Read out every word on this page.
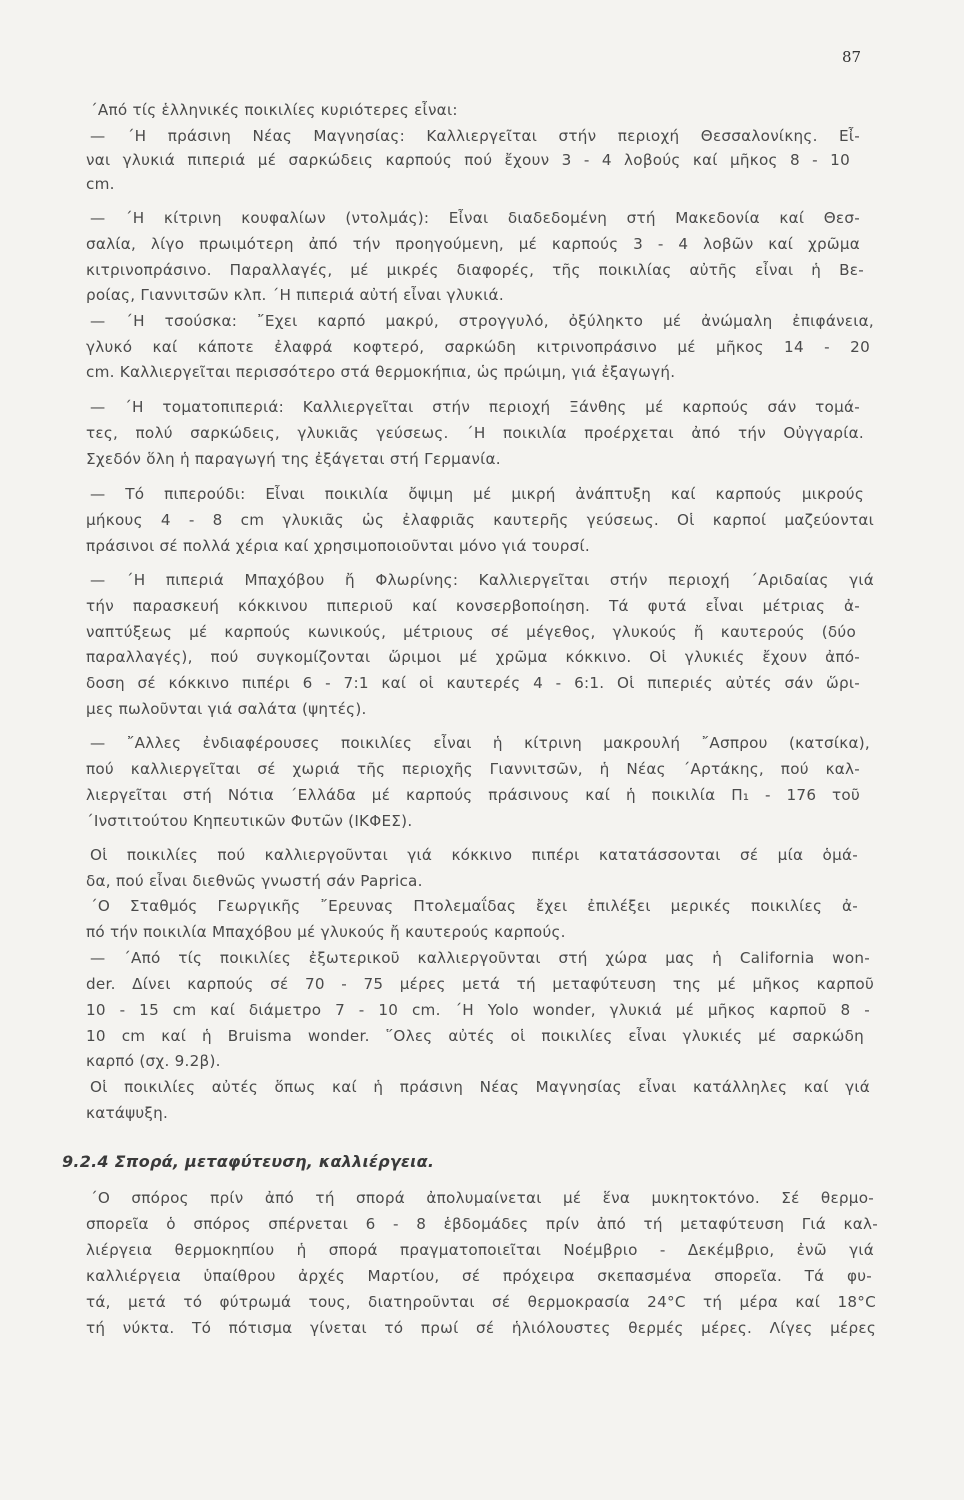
87
´Από τίς ἑλληνικές ποικιλίες κυριότερες εἶναι:
— ´Η πράσινη Νέας Μαγνησίας: Καλλιεργεῖται στήν περιοχή Θεσσαλονίκης. Εἶ-
ναι γλυκιά πιπεριά μέ σαρκώδεις καρπούς πού ἔχουν 3 - 4 λοβούς καί μῆκος 8 - 10
cm.
— ´Η κίτρινη κουφαλίων (ντολμάς): Εἶναι διαδεδομένη στή Μακεδονία καί Θεσ-
σαλία, λίγο πρωιμότερη ἀπό τήν προηγούμενη, μέ καρπούς 3 - 4 λοβῶν καί χρῶμα
κιτρινοπράσινο. Παραλλαγές, μέ μικρές διαφορές, τῆς ποικιλίας αὐτῆς εἶναι ἡ Βε-
ροίας, Γιαννιτσῶν κλπ. ´Η πιπεριά αὐτή εἶναι γλυκιά.
— ´Η τσούσκα: ῎Εχει καρπό μακρύ, στρογγυλό, ὀξύληκτο μέ ἀνώμαλη ἐπιφάνεια,
γλυκό καί κάποτε ἐλαφρά κοφτερό, σαρκώδη κιτρινοπράσινο μέ μῆκος 14 - 20
cm. Καλλιεργεῖται περισσότερο στά θερμοκήπια, ὡς πρώιμη, γιά ἐξαγωγή.
— ´Η τοματοπιπεριά: Καλλιεργεῖται στήν περιοχή Ξάνθης μέ καρπούς σάν τομά-
τες, πολύ σαρκώδεις, γλυκιᾶς γεύσεως. ´Η ποικιλία προέρχεται ἀπό τήν Οὐγγαρία.
Σχεδόν ὅλη ἡ παραγωγή της ἐξάγεται στή Γερμανία.
— Τό πιπερούδι: Εἶναι ποικιλία ὄψιμη μέ μικρή ἀνάπτυξη καί καρπούς μικρούς
μήκους 4 - 8 cm γλυκιᾶς ὡς ἐλαφριᾶς καυτερῆς γεύσεως. Οἱ καρποί μαζεύονται
πράσινοι σέ πολλά χέρια καί χρησιμοποιοῦνται μόνο γιά τουρσί.
— ´Η πιπεριά Μπαχόβου ἤ Φλωρίνης: Καλλιεργεῖται στήν περιοχή ´Αριδαίας γιά
τήν παρασκευή κόκκινου πιπεριοῦ καί κονσερβοποίηση. Τά φυτά εἶναι μέτριας ἀ-
ναπτύξεως μέ καρπούς κωνικούς, μέτριους σέ μέγεθος, γλυκούς ἤ καυτερούς (δύο
παραλλαγές), πού συγκομίζονται ὥριμοι μέ χρῶμα κόκκινο. Οἱ γλυκιές ἔχουν ἀπό-
δοση σέ κόκκινο πιπέρι 6 - 7:1 καί οἱ καυτερές 4 - 6:1. Οἱ πιπεριές αὐτές σάν ὥρι-
μες πωλοῦνται γιά σαλάτα (ψητές).
— ῎Αλλες ἐνδιαφέρουσες ποικιλίες εἶναι ἡ κίτρινη μακρουλή ῎Ασπρου (κατσίκα),
πού καλλιεργεῖται σέ χωριά τῆς περιοχῆς Γιαννιτσῶν, ἡ Νέας ´Αρτάκης, πού καλ-
λιεργεῖται στή Νότια ´Ελλάδα μέ καρπούς πράσινους καί ἡ ποικιλία Π₁ - 176 τοῦ
´Ινστιτούτου Κηπευτικῶν Φυτῶν (ΙΚΦΕΣ).
Οἱ ποικιλίες πού καλλιεργοῦνται γιά κόκκινο πιπέρι κατατάσσονται σέ μία ὁμά-
δα, πού εἶναι διεθνῶς γνωστή σάν Paprica.
´Ο Σταθμός Γεωργικῆς ῎Ερευνας Πτολεμαΐδας ἔχει ἐπιλέξει μερικές ποικιλίες ἀ-
πό τήν ποικιλία Μπαχόβου μέ γλυκούς ἤ καυτερούς καρπούς.
— ´Από τίς ποικιλίες ἐξωτερικοῦ καλλιεργοῦνται στή χώρα μας ἡ California won-
der. Δίνει καρπούς σέ 70 - 75 μέρες μετά τή μεταφύτευση της μέ μῆκος καρποῦ
10 - 15 cm καί διάμετρο 7 - 10 cm. ´Η Yolo wonder, γλυκιά μέ μῆκος καρποῦ 8 -
10 cm καί ἡ Bruisma wonder. ῞Ολες αὐτές οἱ ποικιλίες εἶναι γλυκιές μέ σαρκώδη
καρπό (σχ. 9.2β).
Οἱ ποικιλίες αὐτές ὅπως καί ἡ πράσινη Νέας Μαγνησίας εἶναι κατάλληλες καί γιά
κατάψυξη.
9.2.4 Σπορά, μεταφύτευση, καλλιέργεια.
´Ο σπόρος πρίν ἀπό τή σπορά ἀπολυμαίνεται μέ ἕνα μυκητοκτόνο. Σέ θερμο-
σπορεῖα ὁ σπόρος σπέρνεται 6 - 8 ἑβδομάδες πρίν ἀπό τή μεταφύτευση Γιά καλ-
λιέργεια θερμοκηπίου ἡ σπορά πραγματοποιεῖται Νοέμβριο - Δεκέμβριο, ἐνῶ γιά
καλλιέργεια ὑπαίθρου ἀρχές Μαρτίου, σέ πρόχειρα σκεπασμένα σπορεῖα. Τά φυ-
τά, μετά τό φύτρωμά τους, διατηροῦνται σέ θερμοκρασία 24°C τή μέρα καί 18°C
τή νύκτα. Τό πότισμα γίνεται τό πρωί σέ ἡλιόλουστες θερμές μέρες. Λίγες μέρες
